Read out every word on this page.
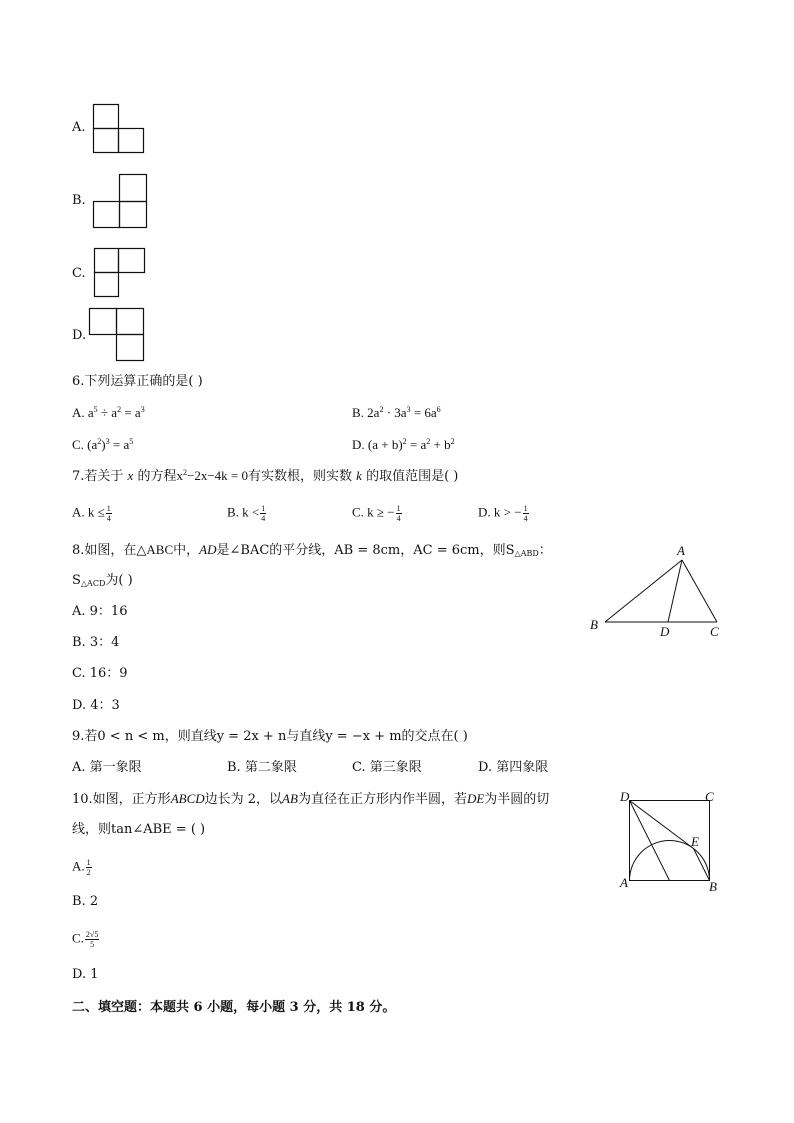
A.
B.
C.
D.
6.下列运算正确的是( )
A. $a^5 \div a^2 = a^3$	B. $2a^2 \cdot 3a^3 = 6a^6$
C. $(a^2)^3 = a^5$	D. $(a + b)^2 = a^2 + b^2$
7.若关于 x 的方程$x^2-2x-4k = 0$有实数根，则实数 k 的取值范围是( )
A. $k \le \frac{1}{4}$	B. $k < \frac{1}{4}$	C. k ≥ − $\frac{1}{4}$	D. k > − $\frac{1}{4}$
8.如图，在△ABC中，AD是∠BAC的平分线，AB = 8cm，AC = 6cm，则$S_{\triangle ABD}$：
$S_{\triangle ACD}$为( )
A. 9：16
B. 3：4
C. 16：9
D. 4：3
A
B	D	C
9.若0 < n < m，则直线y = 2x + n与直线y = −x + m的交点在( )
A. 第一象限	B. 第二象限	C. 第三象限	D. 第四象限
10.如图，正方形ABCD边长为 2，以AB为直径在正方形内作半圆，若DE为半圆的切
线，则tan∠ABE = ( )
A. $\frac{1}{2}$
B. 2
C. $\frac{2√5}{5}$
D. 1
D	C
E
A	B
二、填空题：本题共 6 小题，每小题 3 分，共 18 分。
